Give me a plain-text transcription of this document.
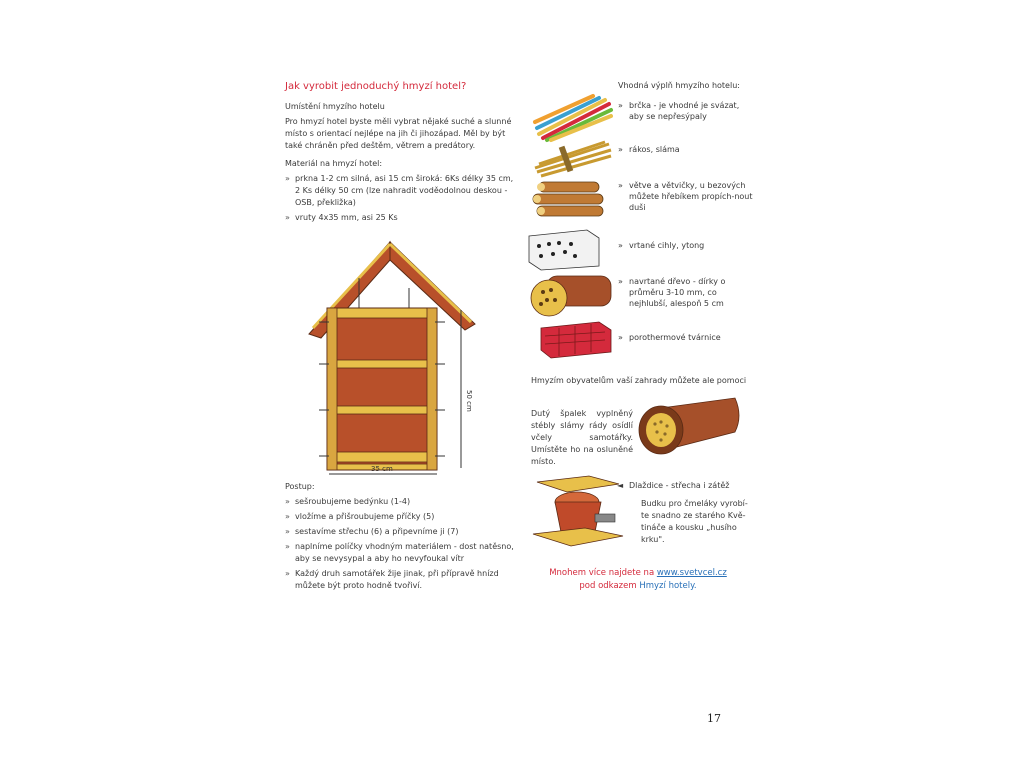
Jak vyrobit jednoduchý hmyzí hotel?
Umístění hmyzího hotelu
Pro hmyzí hotel byste měli vybrat nějaké suché a slunné místo s orientací nejlépe na jih či jihozápad. Měl by být také chráněn před deštěm, větrem a predátory.
Materiál na hmyzí hotel:
» prkna 1-2 cm silná, asi 15 cm široká: 6Ks délky 35 cm, 2 Ks délky 50 cm (lze nahradit voděodolnou deskou - OSB, překližka)
» vruty 4x35 mm, asi 25 Ks
50 cm
35 cm
Postup:
» sešroubujeme bedýnku (1-4)
» vložíme a přišroubujeme příčky (5)
» sestavíme střechu (6) a připevníme ji (7)
» naplníme políčky vhodným materiálem - dost natěsno, aby se nevysypal a aby ho nevyfoukal vítr
» Každý druh samotářek žije jinak, při přípravě hnízd můžete být proto hodně tvořiví.
Vhodná výplň hmyzího hotelu:
» brčka - je vhodné je svázat, aby se nepřesýpaly
» rákos, sláma
» větve a větvičky, u bezových můžete hřebíkem propích-nout duši
» vrtané cihly, ytong
» navrtané dřevo - dírky o průměru 3-10 mm, co nejhlubší, alespoň 5 cm
» porothermové tvárnice
Hmyzím obyvatelům vaší zahrady můžete ale pomoci
Dutý špalek vyplněný stébly slámy rády osídlí včely samotářky. Umístěte ho na osluněné místo.
◄ Dlaždice - střecha i zátěž
Budku pro čmeláky vyrobí-te snadno ze starého Kvě-tináče a kousku „husího krku".
Mnohem více najdete na www.svetvcel.cz
pod odkazem Hmyzí hotely.
17
